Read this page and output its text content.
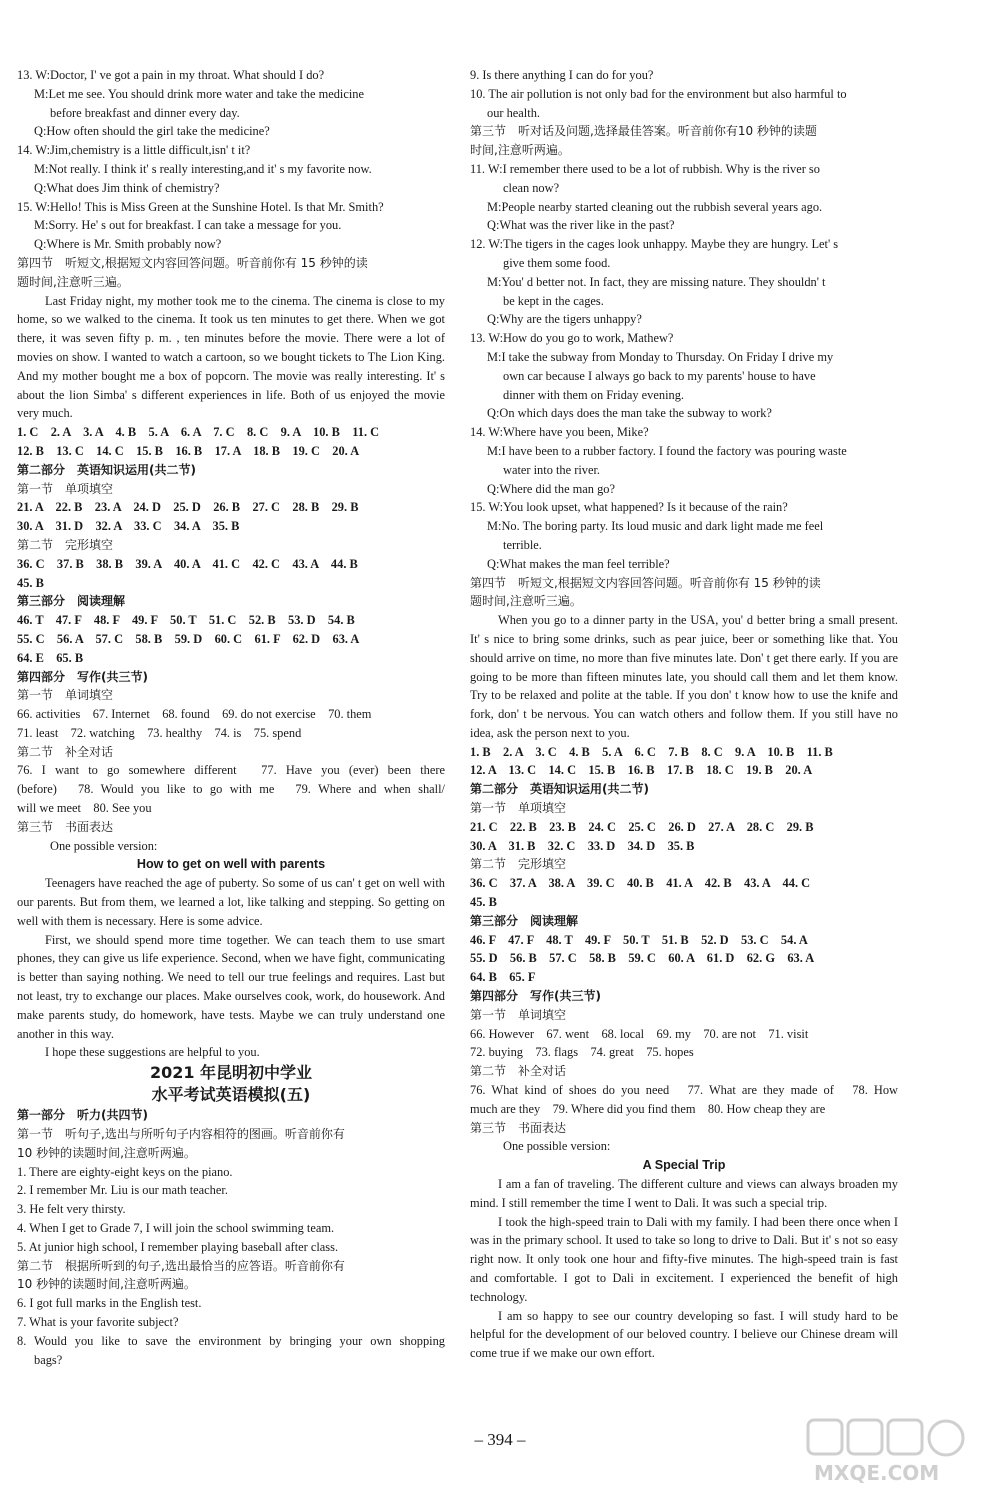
13. W:Doctor, I' ve got a pain in my throat. What should I do?
M:Let me see. You should drink more water and take the medicine
before breakfast and dinner every day.
Q:How often should the girl take the medicine?
14. W:Jim,chemistry is a little difficult,isn' t it?
M:Not really. I think it' s really interesting,and it' s my favorite now.
Q:What does Jim think of chemistry?
15. W:Hello! This is Miss Green at the Sunshine Hotel. Is that Mr. Smith?
M:Sorry. He' s out for breakfast. I can take a message for you.
Q:Where is Mr. Smith probably now?
第四节　听短文,根据短文内容回答问题。听音前你有 15 秒钟的读
题时间,注意听三遍。
Last Friday night, my mother took me to the cinema. The cinema is close to my home, so we walked to the cinema. It took us ten minutes to get there. When we got there, it was seven fifty p. m. , ten minutes before the movie. There were a lot of movies on show. I wanted to watch a cartoon, so we bought tickets to The Lion King. And my mother bought me a box of popcorn. The movie was really interesting. It' s about the lion Simba' s different experiences in life. Both of us enjoyed the movie very much.
1. C　2. A　3. A　4. B　5. A　6. A　7. C　8. C　9. A　10. B　11. C
12. B　13. C　14. C　15. B　16. B　17. A　18. B　19. C　20. A
第二部分　英语知识运用(共二节)
第一节　单项填空
21. A　22. B　23. A　24. D　25. D　26. B　27. C　28. B　29. B
30. A　31. D　32. A　33. C　34. A　35. B
第二节　完形填空
36. C　37. B　38. B　39. A　40. A　41. C　42. C　43. A　44. B
45. B
第三部分　阅读理解
46. T　47. F　48. F　49. F　50. T　51. C　52. B　53. D　54. B
55. C　56. A　57. C　58. B　59. D　60. C　61. F　62. D　63. A
64. E　65. B
第四部分　写作(共三节)
第一节　单词填空
66. activities　67. Internet　68. found　69. do not exercise　70. them
71. least　72. watching　73. healthy　74. is　75. spend
第二节　补全对话
76. I want to go somewhere different　77. Have you (ever) been there
(before)　78. Would you like to go with me　79. Where and when shall/
will we meet　80. See you
第三节　书面表达
One possible version:
How to get on well with parents
Teenagers have reached the age of puberty. So some of us can' t get on well with our parents. But from them, we learned a lot, like talking and stepping. So getting on well with them is necessary. Here is some advice.
First, we should spend more time together. We can teach them to use smart phones, they can give us life experience. Second, when we have fight, communicating is better than saying nothing. We need to tell our true feelings and requires. Last but not least, try to exchange our places. Make ourselves cook, work, do housework. And make parents study, do homework, have tests. Maybe we can truly understand one another in this way.
I hope these suggestions are helpful to you.
2021 年昆明初中学业
水平考试英语模拟(五)
第一部分　听力(共四节)
第一节　听句子,选出与所听句子内容相符的图画。听音前你有
10 秒钟的读题时间,注意听两遍。
1. There are eighty-eight keys on the piano.
2. I remember Mr. Liu is our math teacher.
3. He felt very thirsty.
4. When I get to Grade 7, I will join the school swimming team.
5. At junior high school, I remember playing baseball after class.
第二节　根据所听到的句子,选出最恰当的应答语。听音前你有
10 秒钟的读题时间,注意听两遍。
6. I got full marks in the English test.
7. What is your favorite subject?
8. Would you like to save the environment by bringing your own shopping
bags?
9. Is there anything I can do for you?
10. The air pollution is not only bad for the environment but also harmful to
our health.
第三节　听对话及问题,选择最佳答案。听音前你有10 秒钟的读题
时间,注意听两遍。
11. W:I remember there used to be a lot of rubbish. Why is the river so
clean now?
M:People nearby started cleaning out the rubbish several years ago.
Q:What was the river like in the past?
12. W:The tigers in the cages look unhappy. Maybe they are hungry. Let' s
give them some food.
M:You' d better not. In fact, they are missing nature. They shouldn' t
be kept in the cages.
Q:Why are the tigers unhappy?
13. W:How do you go to work, Mathew?
M:I take the subway from Monday to Thursday. On Friday I drive my
own car because I always go back to my parents' house to have
dinner with them on Friday evening.
Q:On which days does the man take the subway to work?
14. W:Where have you been, Mike?
M:I have been to a rubber factory. I found the factory was pouring waste
water into the river.
Q:Where did the man go?
15. W:You look upset, what happened? Is it because of the rain?
M:No. The boring party. Its loud music and dark light made me feel
terrible.
Q:What makes the man feel terrible?
第四节　听短文,根据短文内容回答问题。听音前你有 15 秒钟的读
题时间,注意听三遍。
When you go to a dinner party in the USA, you' d better bring a small present. It' s nice to bring some drinks, such as pear juice, beer or something like that. You should arrive on time, no more than five minutes late. Don' t get there early. If you are going to be more than fifteen minutes late, you should call them and let them know. Try to be relaxed and polite at the table. If you don' t know how to use the knife and fork, don' t be nervous. You can watch others and follow them. If you still have no idea, ask the person next to you.
1. B　2. A　3. C　4. B　5. A　6. C　7. B　8. C　9. A　10. B　11. B
12. A　13. C　14. C　15. B　16. B　17. B　18. C　19. B　20. A
第二部分　英语知识运用(共二节)
第一节　单项填空
21. C　22. B　23. B　24. C　25. C　26. D　27. A　28. C　29. B
30. A　31. B　32. C　33. D　34. D　35. B
第二节　完形填空
36. C　37. A　38. A　39. C　40. B　41. A　42. B　43. A　44. C
45. B
第三部分　阅读理解
46. F　47. F　48. T　49. F　50. T　51. B　52. D　53. C　54. A
55. D　56. B　57. C　58. B　59. C　60. A　61. D　62. G　63. A
64. B　65. F
第四部分　写作(共三节)
第一节　单词填空
66. However　67. went　68. local　69. my　70. are not　71. visit
72. buying　73. flags　74. great　75. hopes
第二节　补全对话
76. What kind of shoes do you need　77. What are they made of　78. How
much are they　79. Where did you find them　80. How cheap they are
第三节　书面表达
One possible version:
A Special Trip
I am a fan of traveling. The different culture and views can always broaden my mind. I still remember the time I went to Dali. It was such a special trip.
I took the high-speed train to Dali with my family. I had been there once when I was in the primary school. It used to take so long to drive to Dali. But it' s not so easy right now. It only took one hour and fifty-five minutes. The high-speed train is fast and comfortable. I got to Dali in excitement. I experienced the benefit of high technology.
I am so happy to see our country developing so fast. I will study hard to be helpful for the development of our beloved country. I believe our Chinese dream will come true if we make our own effort.
– 394 –
MXQE.COM
